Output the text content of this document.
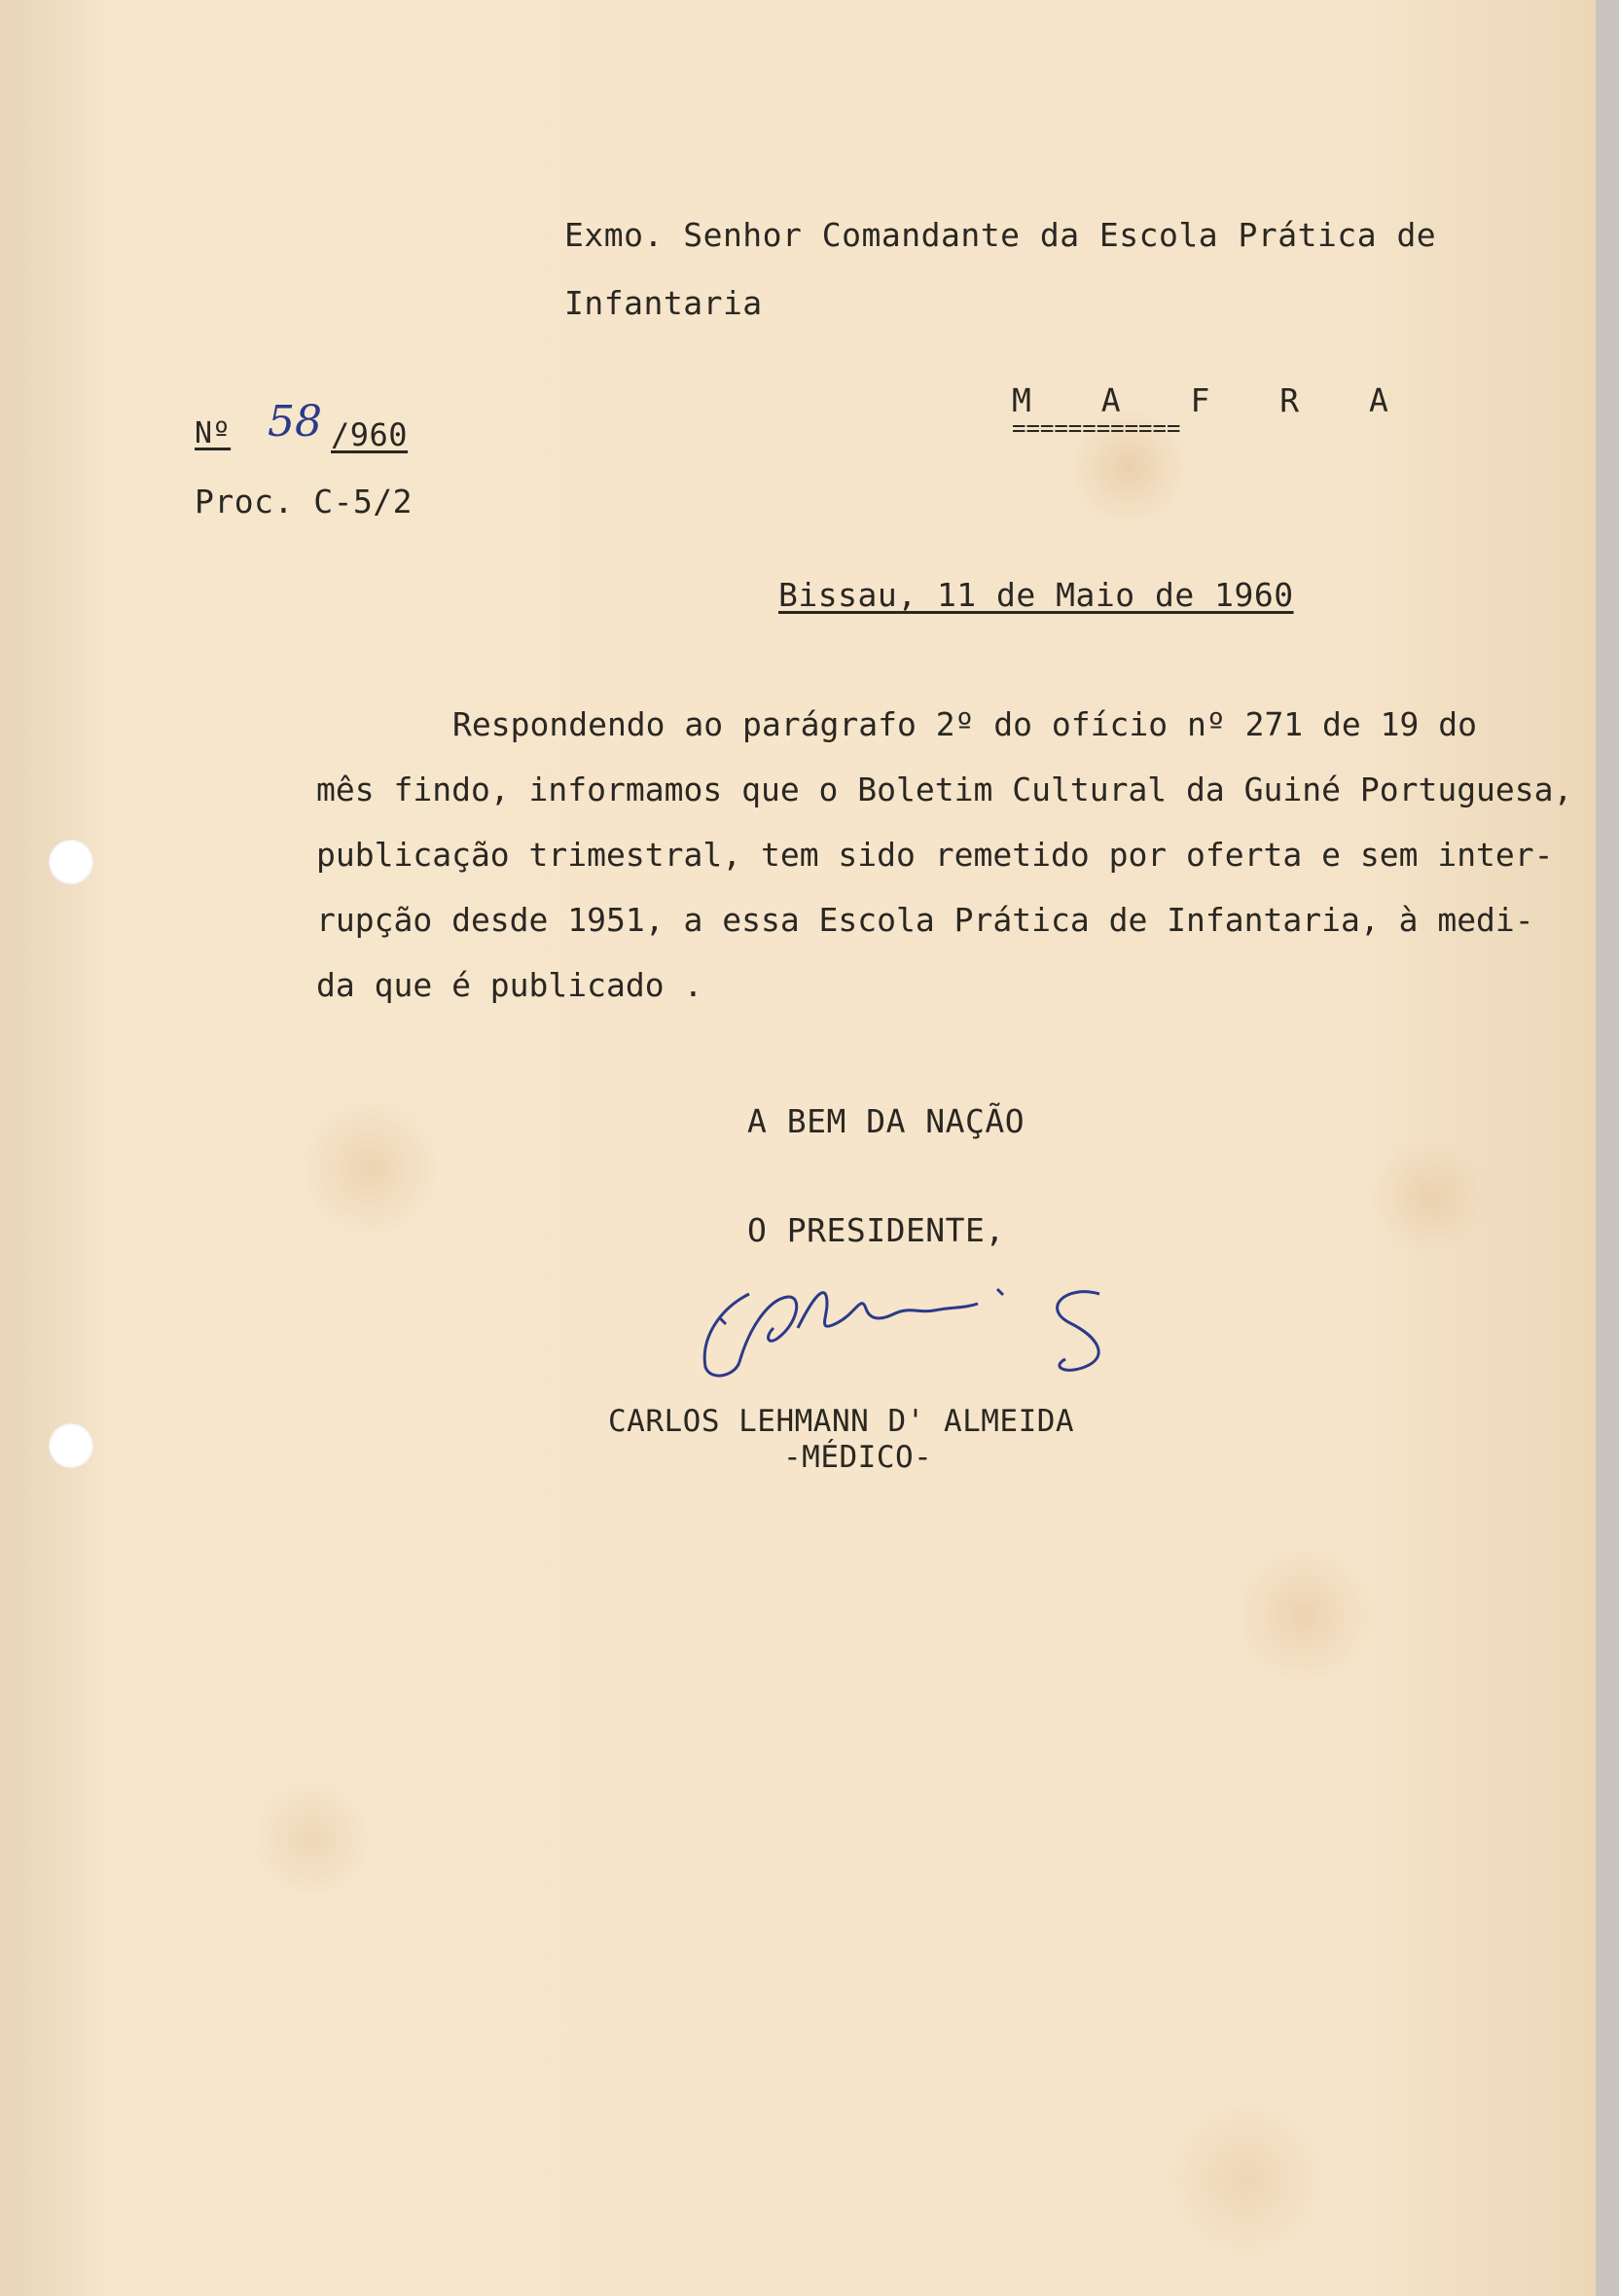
Exmo. Senhor Comandante da Escola Prática de
Infantaria
M A F R A
============
Nº 58 /960
Proc. C-5/2
Bissau, 11 de Maio de 1960

Respondendo ao parágrafo 2º do ofício nº 271 de 19 do

mês findo, informamos que o Boletim Cultural da Guiné Portuguesa,

publicação trimestral, tem sido remetido por oferta e sem inter-

rupção desde 1951, a essa Escola Prática de Infantaria, à medi-

da que é publicado .

A BEM DA NAÇÃO
O PRESIDENTE,
CARLOS LEHMANN D' ALMEIDA
-MÉDICO-
